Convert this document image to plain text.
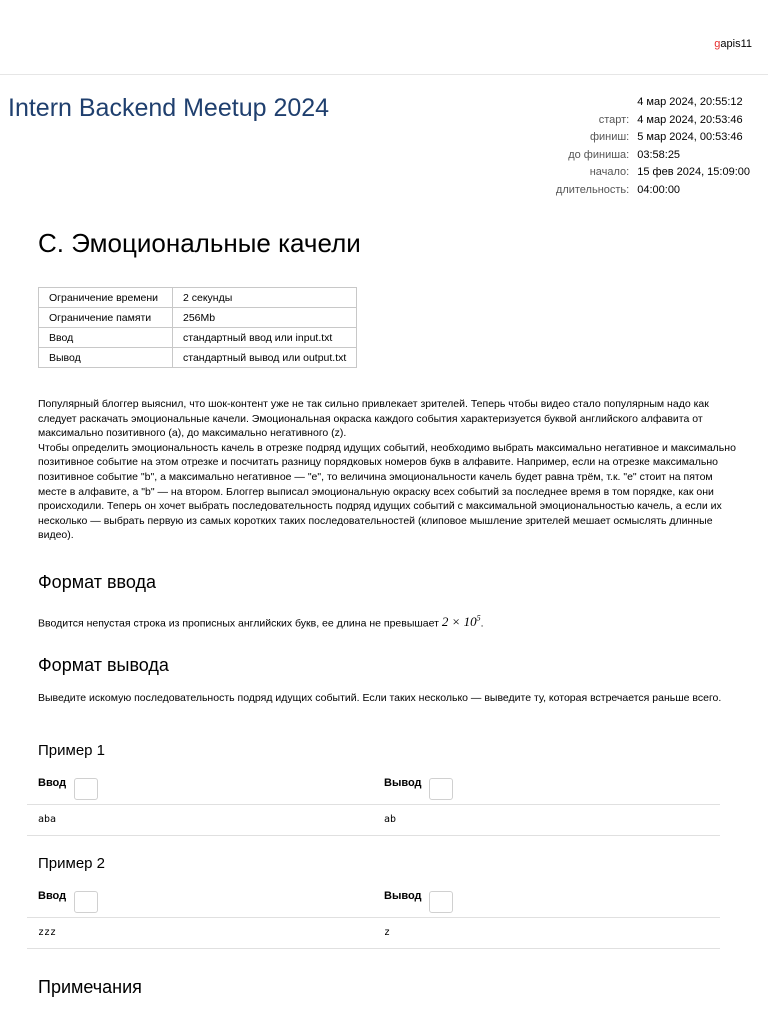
gapis11
Intern Backend Meetup 2024
		4 мар 2024, 20:55:12
старт:	4 мар 2024, 20:53:46
финиш:	5 мар 2024, 00:53:46
до финиша:	03:58:25
начало:	15 фев 2024, 15:09:00
длительность:	04:00:00
C. Эмоциональные качели
Ограничение времени	2 секунды
Ограничение памяти	256Mb
Ввод	стандартный ввод или input.txt
Вывод	стандартный вывод или output.txt

Популярный блоггер выяснил, что шок-контент уже не так сильно привлекает зрителей. Теперь чтобы видео стало популярным надо как следует раскачать эмоциональные качели. Эмоциональная окраска каждого события характеризуется буквой английского алфавита от максимально позитивного (a), до максимально негативного (z).

Чтобы определить эмоциональность качель в отрезке подряд идущих событий, необходимо выбрать максимально негативное и максимально позитивное событие на этом отрезке и посчитать разницу порядковых номеров букв в алфавите. Например, если на отрезке максимально позитивное событие "b", а максимально негативное — "e", то величина эмоциональности качель будет равна трём, т.к. "e" стоит на пятом месте в алфавите, а "b" — на втором. Блоггер выписал эмоциональную окраску всех событий за последнее время в том порядке, как они происходили. Теперь он хочет выбрать последовательность подряд идущих событий с максимальной эмоциональностью качель, а если их несколько — выбрать первую из самых коротких таких последовательностей (клиповое мышление зрителей мешает осмыслять длинные видео).

Формат ввода

Вводится непустая строка из прописных английских букв, ее длина не превышает $2 \times 10^5$.

Формат вывода

Выведите искомую последовательность подряд идущих событий. Если таких несколько — выведите ту, которая встречается раньше всего.

Пример 1
Ввод	Вывод
aba	ab
Пример 2
Ввод	Вывод
zzz	z
Примечания
